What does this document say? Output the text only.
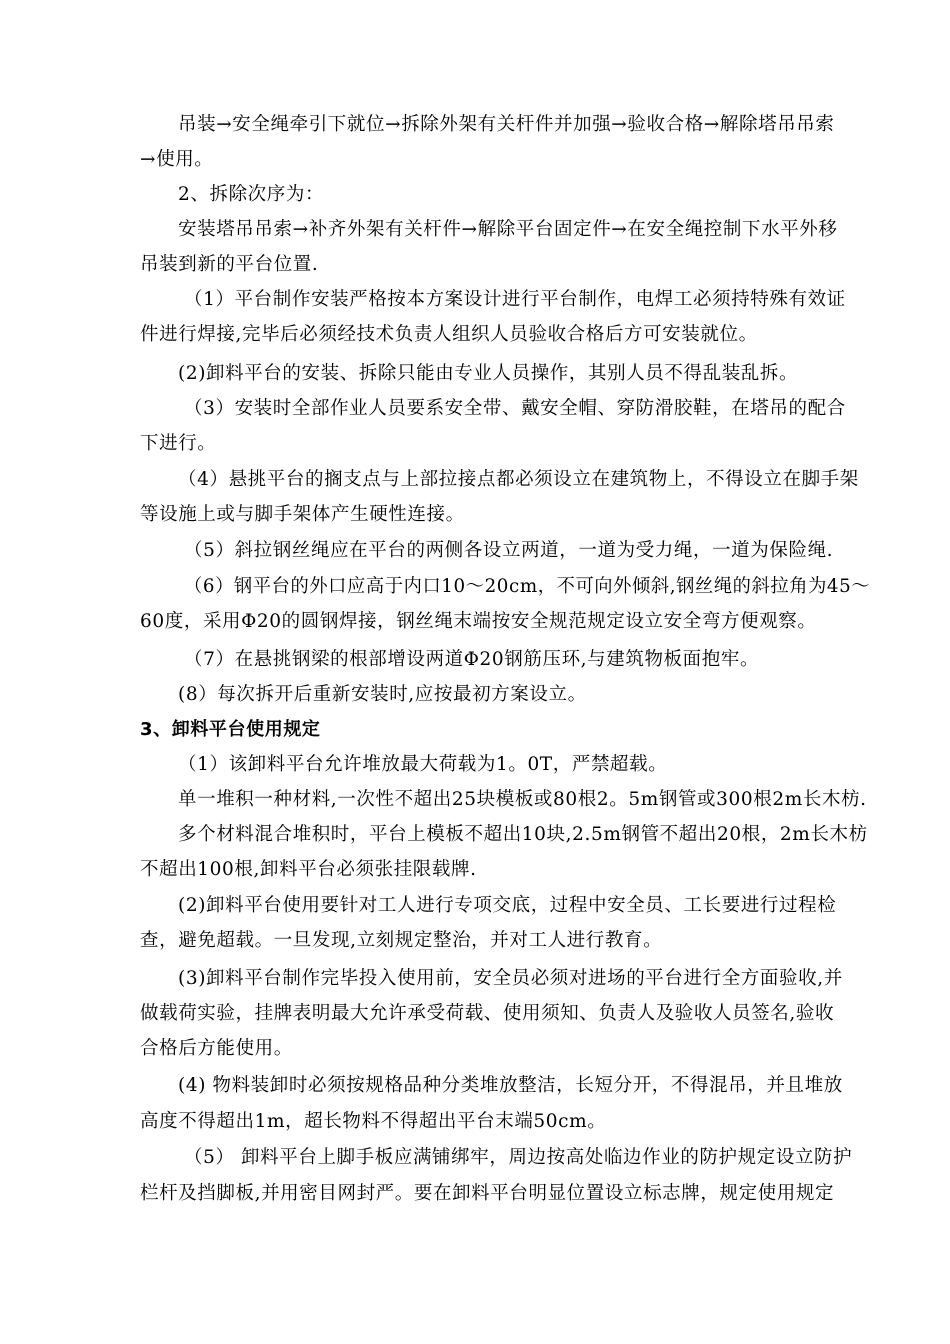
吊装→安全绳牵引下就位→拆除外架有关杆件并加强→验收合格→解除塔吊吊索
→使用。
2、拆除次序为：
安装塔吊吊索→补齐外架有关杆件→解除平台固定件→在安全绳控制下水平外移
吊装到新的平台位置.
（1）平台制作安装严格按本方案设计进行平台制作，电焊工必须持特殊有效证
件进行焊接,完毕后必须经技术负责人组织人员验收合格后方可安装就位。
(2)卸料平台的安装、拆除只能由专业人员操作，其别人员不得乱装乱拆。
（3）安装时全部作业人员要系安全带、戴安全帽、穿防滑胶鞋，在塔吊的配合
下进行。
（4）悬挑平台的搁支点与上部拉接点都必须设立在建筑物上，不得设立在脚手架
等设施上或与脚手架体产生硬性连接。
（5）斜拉钢丝绳应在平台的两侧各设立两道，一道为受力绳，一道为保险绳.
（6）钢平台的外口应高于内口10～20cm，不可向外倾斜,钢丝绳的斜拉角为45～
60度，采用Φ20的圆钢焊接，钢丝绳末端按安全规范规定设立安全弯方便观察。
（7）在悬挑钢梁的根部增设两道Φ20钢筋压环,与建筑物板面抱牢。
(8）每次拆开后重新安装时,应按最初方案设立。
3、卸料平台使用规定
（1）该卸料平台允许堆放最大荷载为1。0T，严禁超载。
单一堆积一种材料,一次性不超出25块模板或80根2。5m钢管或300根2m长木枋.
多个材料混合堆积时，平台上模板不超出10块,2.5m钢管不超出20根，2m长木枋
不超出100根,卸料平台必须张挂限载牌.
(2)卸料平台使用要针对工人进行专项交底，过程中安全员、工长要进行过程检
查，避免超载。一旦发现,立刻规定整治，并对工人进行教育。
(3)卸料平台制作完毕投入使用前，安全员必须对进场的平台进行全方面验收,并
做载荷实验，挂牌表明最大允许承受荷载、使用须知、负责人及验收人员签名,验收
合格后方能使用。
(4) 物料装卸时必须按规格品种分类堆放整洁，长短分开，不得混吊，并且堆放
高度不得超出1m，超长物料不得超出平台末端50cm。
（5） 卸料平台上脚手板应满铺绑牢，周边按高处临边作业的防护规定设立防护
栏杆及挡脚板,并用密目网封严。要在卸料平台明显位置设立标志牌，规定使用规定
